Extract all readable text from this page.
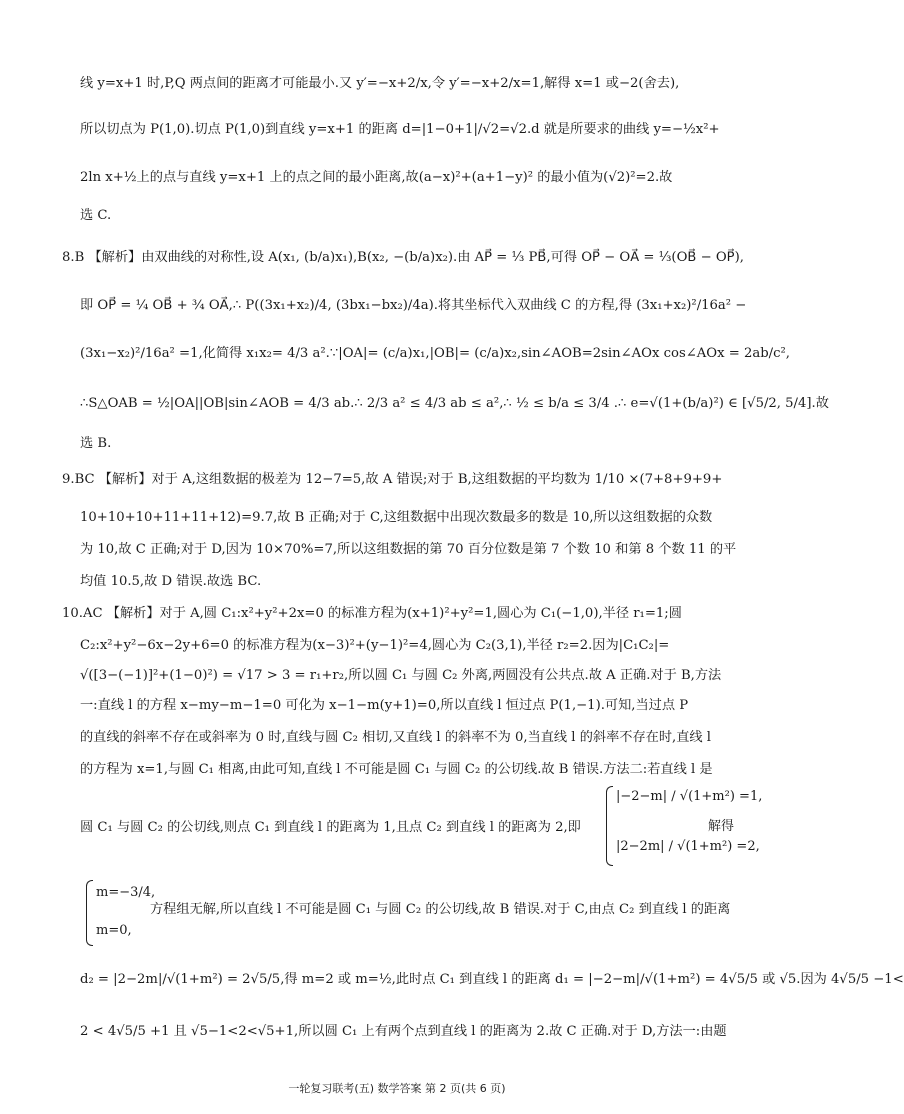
线 y=x+1 时,P,Q 两点间的距离才可能最小.又 y′=−x+2/x,令 y′=−x+2/x=1,解得 x=1 或−2(舍去),
所以切点为 P(1,0).切点 P(1,0)到直线 y=x+1 的距离 d=|1−0+1|/√2=√2.d 就是所要求的曲线 y=−½x²+
2ln x+½上的点与直线 y=x+1 上的点之间的最小距离,故(a−x)²+(a+1−y)² 的最小值为(√2)²=2.故
选 C.
8.B 【解析】由双曲线的对称性,设 A(x₁, (b/a)x₁),B(x₂, −(b/a)x₂).由 AP⃗ = ⅓ PB⃗,可得 OP⃗ − OA⃗ = ⅓(OB⃗ − OP⃗),
即 OP⃗ = ¼ OB⃗ + ¾ OA⃗,∴ P((3x₁+x₂)/4, (3bx₁−bx₂)/4a).将其坐标代入双曲线 C 的方程,得 (3x₁+x₂)²/16a² −
(3x₁−x₂)²/16a² =1,化简得 x₁x₂= 4/3 a².∵|OA|= (c/a)x₁,|OB|= (c/a)x₂,sin∠AOB=2sin∠AOx cos∠AOx = 2ab/c²,
∴S△OAB = ½|OA||OB|sin∠AOB = 4/3 ab.∴ 2/3 a² ≤ 4/3 ab ≤ a²,∴ ½ ≤ b/a ≤ 3/4 .∴ e=√(1+(b/a)²) ∈ [√5/2, 5/4].故
选 B.
9.BC 【解析】对于 A,这组数据的极差为 12−7=5,故 A 错误;对于 B,这组数据的平均数为 1/10 ×(7+8+9+9+
10+10+10+11+11+12)=9.7,故 B 正确;对于 C,这组数据中出现次数最多的数是 10,所以这组数据的众数
为 10,故 C 正确;对于 D,因为 10×70%=7,所以这组数据的第 70 百分位数是第 7 个数 10 和第 8 个数 11 的平
均值 10.5,故 D 错误.故选 BC.
10.AC 【解析】对于 A,圆 C₁:x²+y²+2x=0 的标准方程为(x+1)²+y²=1,圆心为 C₁(−1,0),半径 r₁=1;圆
C₂:x²+y²−6x−2y+6=0 的标准方程为(x−3)²+(y−1)²=4,圆心为 C₂(3,1),半径 r₂=2.因为|C₁C₂|=
√([3−(−1)]²+(1−0)²) = √17 > 3 = r₁+r₂,所以圆 C₁ 与圆 C₂ 外离,两圆没有公共点.故 A 正确.对于 B,方法
一:直线 l 的方程 x−my−m−1=0 可化为 x−1−m(y+1)=0,所以直线 l 恒过点 P(1,−1).可知,当过点 P
的直线的斜率不存在或斜率为 0 时,直线与圆 C₂ 相切,又直线 l 的斜率不为 0,当直线 l 的斜率不存在时,直线 l
的方程为 x=1,与圆 C₁ 相离,由此可知,直线 l 不可能是圆 C₁ 与圆 C₂ 的公切线.故 B 错误.方法二:若直线 l 是
圆 C₁ 与圆 C₂ 的公切线,则点 C₁ 到直线 l 的距离为 1,且点 C₂ 到直线 l 的距离为 2,即
|−2−m| / √(1+m²) =1,
|2−2m| / √(1+m²) =2,
解得
m=−3/4,
m=0,
方程组无解,所以直线 l 不可能是圆 C₁ 与圆 C₂ 的公切线,故 B 错误.对于 C,由点 C₂ 到直线 l 的距离
d₂ = |2−2m|/√(1+m²) = 2√5/5,得 m=2 或 m=½,此时点 C₁ 到直线 l 的距离 d₁ = |−2−m|/√(1+m²) = 4√5/5 或 √5.因为 4√5/5 −1<
2 < 4√5/5 +1 且 √5−1<2<√5+1,所以圆 C₁ 上有两个点到直线 l 的距离为 2.故 C 正确.对于 D,方法一:由题
一轮复习联考(五) 数学答案 第 2 页(共 6 页)
